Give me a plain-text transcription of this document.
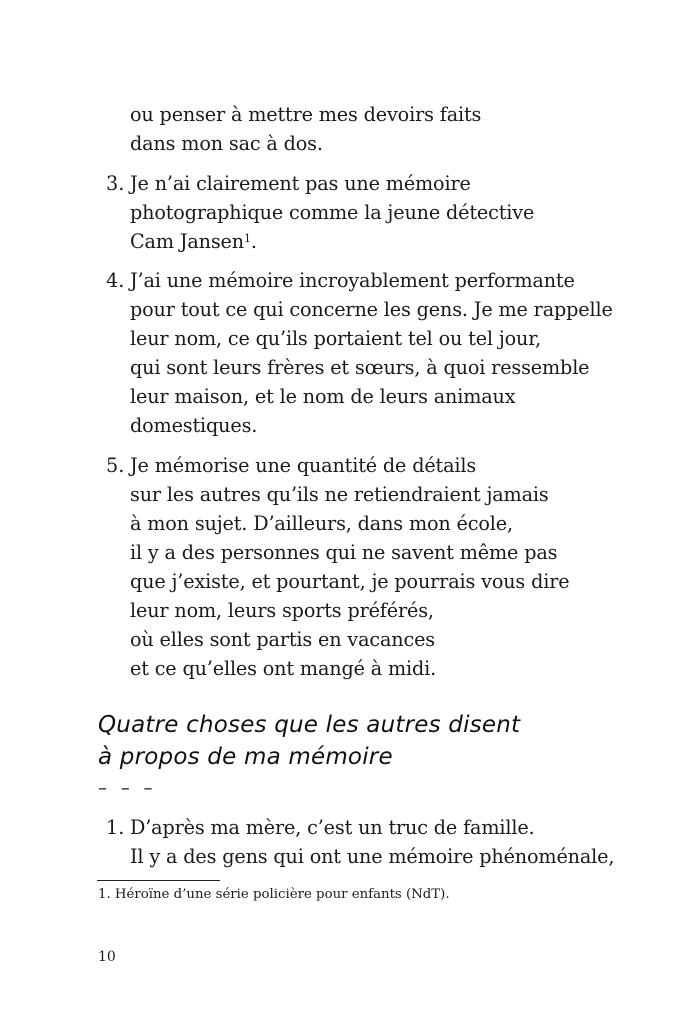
ou penser à mettre mes devoirs faits
dans mon sac à dos.
3. Je n’ai clairement pas une mémoire
photographique comme la jeune détective
Cam Jansen$^1$.
4. J’ai une mémoire incroyablement performante
pour tout ce qui concerne les gens. Je me rappelle
leur nom, ce qu’ils portaient tel ou tel jour,
qui sont leurs frères et sœurs, à quoi ressemble
leur maison, et le nom de leurs animaux
domestiques.
5. Je mémorise une quantité de détails
sur les autres qu’ils ne retiendraient jamais
à mon sujet. D’ailleurs, dans mon école,
il y a des personnes qui ne savent même pas
que j’existe, et pourtant, je pourrais vous dire
leur nom, leurs sports préférés,
où elles sont partis en vacances
et ce qu’elles ont mangé à midi.
Quatre choses que les autres disent
à propos de ma mémoire
– – –
1. D’après ma mère, c’est un truc de famille.
Il y a des gens qui ont une mémoire phénoménale,
1. Héroïne d’une série policière pour enfants (NdT).
10
